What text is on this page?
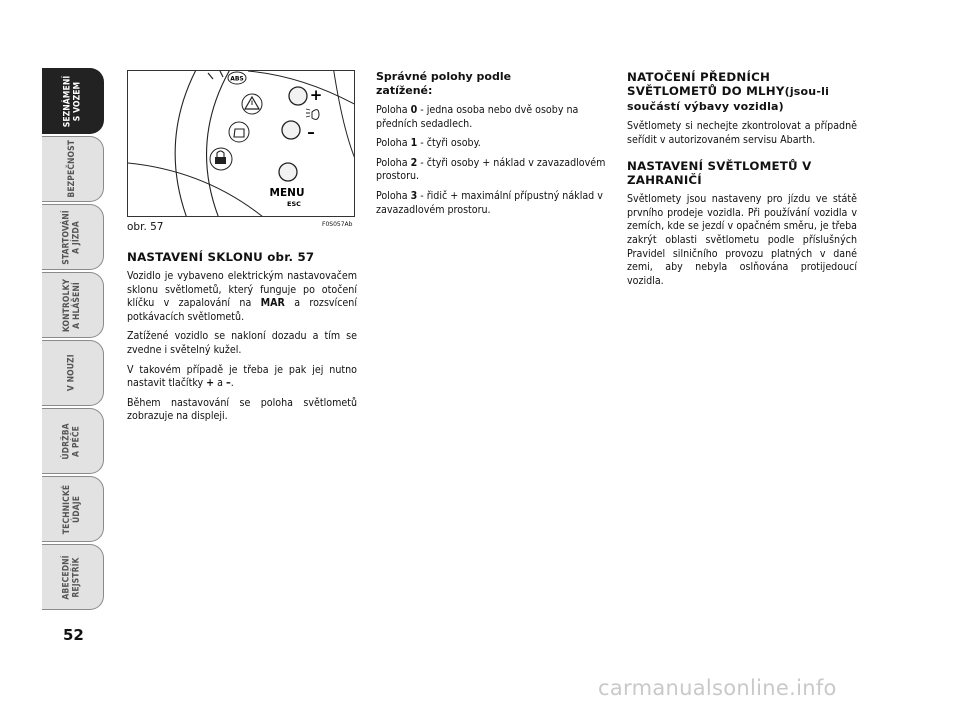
SEZNÁMENÍ
S VOZEM
BEZPEČNOST
STARTOVÁNÍ
A JÍZDA
KONTROLKY
A HLÁŠENÍ
V NOUZI
ÚDRŽBA
A PÉČE
TECHNICKÉ
ÚDAJE
ABECEDNÍ
REJSTŘÍK
52
ABS
+
–
MENU
ESC
obr. 57	F0S057Ab
NASTAVENÍ SKLONU obr. 57

Vozidlo je vybaveno elektrickým nastavovačem sklonu světlometů, který funguje po otočení klíčku v zapalování na MAR a rozsvícení potkávacích světlometů.

Zatížené vozidlo se nakloní dozadu a tím se zvedne i světelný kužel.

V takovém případě je třeba je pak jej nutno nastavit tlačítky + a –.

Během nastavování se poloha světlometů zobrazuje na displeji.

Správné polohy podle zatížené:

Poloha 0 - jedna osoba nebo dvě osoby na předních sedadlech.

Poloha 1 - čtyři osoby.

Poloha 2 - čtyři osoby + náklad v zavazadlovém prostoru.

Poloha 3 - řidič + maximální přípustný náklad v zavazadlovém prostoru.

NATOČENÍ PŘEDNÍCH SVĚTLOMETŮ DO MLHY(jsou-li součástí výbavy vozidla)

Světlomety si nechejte zkontrolovat a případně seřídit v autorizovaném servisu Abarth.

NASTAVENÍ SVĚTLOMETŮ V ZAHRANIČÍ

Světlomety jsou nastaveny pro jízdu ve státě prvního prodeje vozidla. Při používání vozidla v zemích, kde se jezdí v opačném směru, je třeba zakrýt oblasti světlometu podle příslušných Pravidel silničního provozu platných v dané zemi, aby nebyla oslňována protijedoucí vozidla.

carmanualsonline.info
